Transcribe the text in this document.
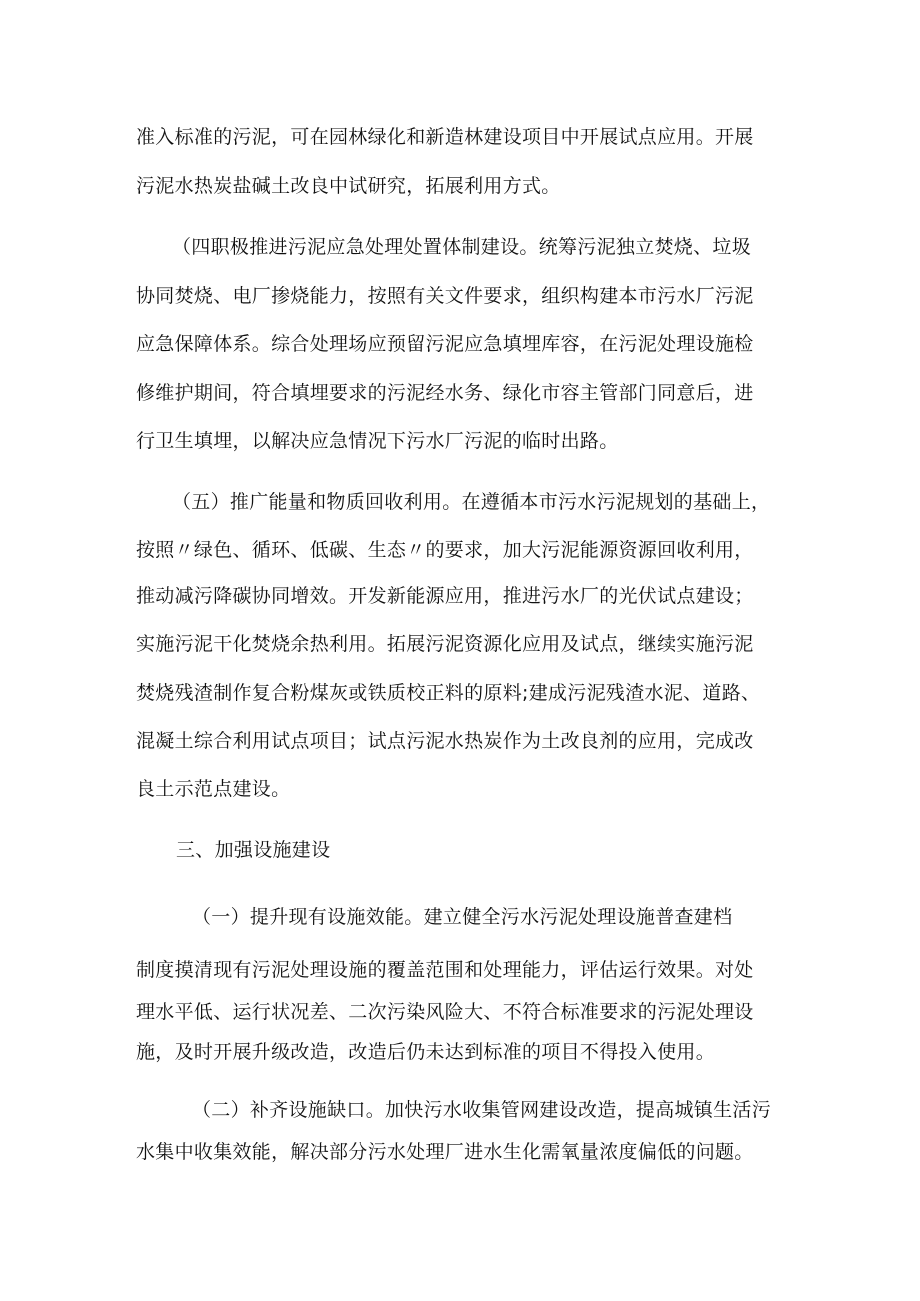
准入标准的污泥，可在园林绿化和新造林建设项目中开展试点应用。开展

污泥水热炭盐碱土改良中试研究，拓展利用方式。

（四职极推进污泥应急处理处置体制建设。统筹污泥独立焚烧、垃圾

协同焚烧、电厂掺烧能力，按照有关文件要求，组织构建本市污水厂污泥

应急保障体系。综合处理场应预留污泥应急填埋库容，在污泥处理设施检

修维护期间，符合填埋要求的污泥经水务、绿化市容主管部门同意后，进

行卫生填埋，以解决应急情况下污水厂污泥的临时出路。

（五）推广能量和物质回收利用。在遵循本市污水污泥规划的基础上，

按照〃绿色、循环、低碳、生态〃的要求，加大污泥能源资源回收利用，

推动减污降碳协同增效。开发新能源应用，推进污水厂的光伏试点建设；

实施污泥干化焚烧余热利用。拓展污泥资源化应用及试点，继续实施污泥

焚烧残渣制作复合粉煤灰或铁质校正料的原料;建成污泥残渣水泥、道路、

混凝土综合利用试点项目；试点污泥水热炭作为土改良剂的应用，完成改

良土示范点建设。

三、加强设施建设

（一）提升现有设施效能。建立健全污水污泥处理设施普查建档

制度摸清现有污泥处理设施的覆盖范围和处理能力，评估运行效果。对处

理水平低、运行状况差、二次污染风险大、不符合标准要求的污泥处理设

施，及时开展升级改造，改造后仍未达到标准的项目不得投入使用。

（二）补齐设施缺口。加快污水收集管网建设改造，提高城镇生活污

水集中收集效能，解决部分污水处理厂进水生化需氧量浓度偏低的问题。
